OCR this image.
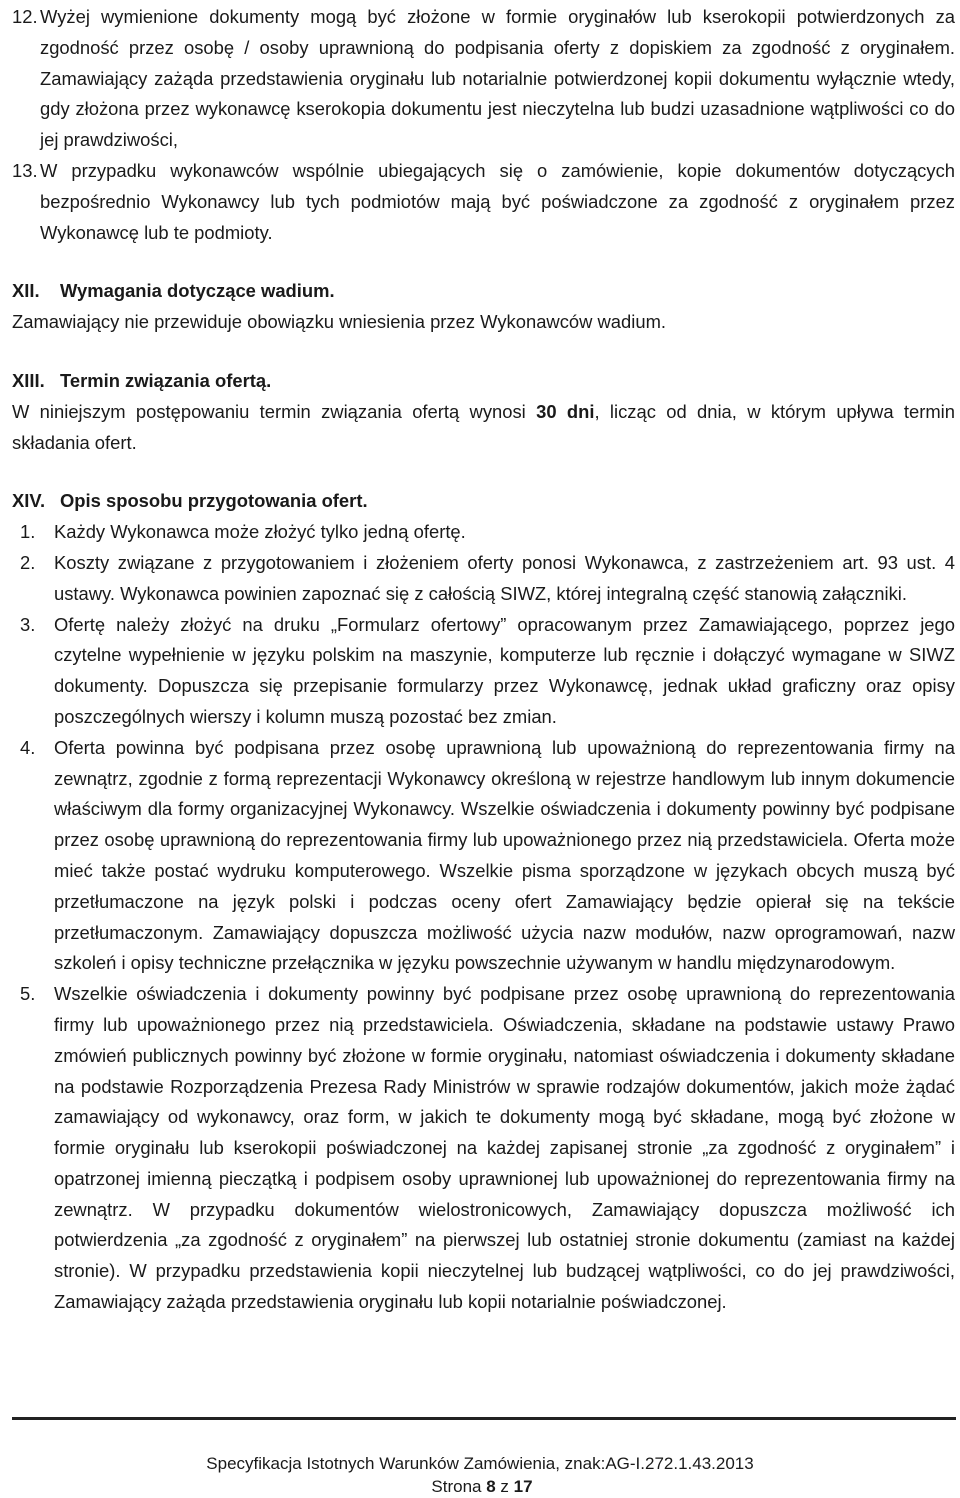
12. Wyżej wymienione dokumenty mogą być złożone w formie oryginałów lub kserokopii potwierdzonych za zgodność przez osobę / osoby uprawnioną do podpisania oferty z dopiskiem za zgodność z oryginałem. Zamawiający zażąda przedstawienia oryginału lub notarialnie potwierdzonej kopii dokumentu wyłącznie wtedy, gdy złożona przez wykonawcę kserokopia dokumentu jest nieczytelna lub budzi uzasadnione wątpliwości co do jej prawdziwości,
13. W przypadku wykonawców wspólnie ubiegających się o zamówienie, kopie dokumentów dotyczących bezpośrednio Wykonawcy lub tych podmiotów mają być poświadczone za zgodność z oryginałem przez Wykonawcę lub te podmioty.
XII. Wymagania dotyczące wadium.
Zamawiający nie przewiduje obowiązku wniesienia przez Wykonawców wadium.
XIII. Termin związania ofertą.
W niniejszym postępowaniu termin związania ofertą wynosi 30 dni, licząc od dnia, w którym upływa termin składania ofert.
XIV. Opis sposobu przygotowania ofert.
1.	Każdy Wykonawca może złożyć tylko jedną ofertę.
2.	Koszty związane z przygotowaniem i złożeniem oferty ponosi Wykonawca, z zastrzeżeniem art. 93 ust. 4 ustawy. Wykonawca powinien zapoznać się z całością SIWZ, której integralną część stanowią załączniki.
3.	Ofertę należy złożyć na druku „Formularz ofertowy” opracowanym przez Zamawiającego, poprzez jego czytelne wypełnienie w języku polskim na maszynie, komputerze lub ręcznie i dołączyć wymagane w SIWZ dokumenty. Dopuszcza się przepisanie formularzy przez Wykonawcę, jednak układ graficzny oraz opisy poszczególnych wierszy i kolumn muszą pozostać bez zmian.
4.	Oferta powinna być podpisana przez osobę uprawnioną lub upoważnioną do reprezentowania firmy na zewnątrz, zgodnie z formą reprezentacji Wykonawcy określoną w rejestrze handlowym lub innym dokumencie właściwym dla formy organizacyjnej Wykonawcy. Wszelkie oświadczenia i dokumenty powinny być podpisane przez osobę uprawnioną do reprezentowania firmy lub upoważnionego przez nią przedstawiciela. Oferta może mieć także postać wydruku komputerowego. Wszelkie pisma sporządzone w językach obcych muszą być przetłumaczone na język polski i podczas oceny ofert Zamawiający będzie opierał się na tekście przetłumaczonym. Zamawiający dopuszcza możliwość użycia nazw modułów, nazw oprogramowań, nazw szkoleń i opisy techniczne przełącznika w języku powszechnie używanym w handlu międzynarodowym.
5.	Wszelkie oświadczenia i dokumenty powinny być podpisane przez osobę uprawnioną do reprezentowania firmy lub upoważnionego przez nią przedstawiciela. Oświadczenia, składane na podstawie ustawy Prawo zmówień publicznych powinny być złożone w formie oryginału, natomiast oświadczenia i dokumenty składane na podstawie Rozporządzenia Prezesa Rady Ministrów w sprawie rodzajów dokumentów, jakich może żądać zamawiający od wykonawcy, oraz form, w jakich te dokumenty mogą być składane, mogą być złożone w formie oryginału lub kserokopii poświadczonej na każdej zapisanej stronie „za zgodność z oryginałem” i opatrzonej imienną pieczątką i podpisem osoby uprawnionej lub upoważnionej do reprezentowania firmy na zewnątrz. W przypadku dokumentów wielostronicowych, Zamawiający dopuszcza możliwość ich potwierdzenia „za zgodność z oryginałem” na pierwszej lub ostatniej stronie dokumentu (zamiast na każdej stronie). W przypadku przedstawienia kopii nieczytelnej lub budzącej wątpliwości, co do jej prawdziwości, Zamawiający zażąda przedstawienia oryginału lub kopii notarialnie poświadczonej.
Specyfikacja Istotnych Warunków Zamówienia, znak:AG-I.272.1.43.2013
Strona 8 z 17
